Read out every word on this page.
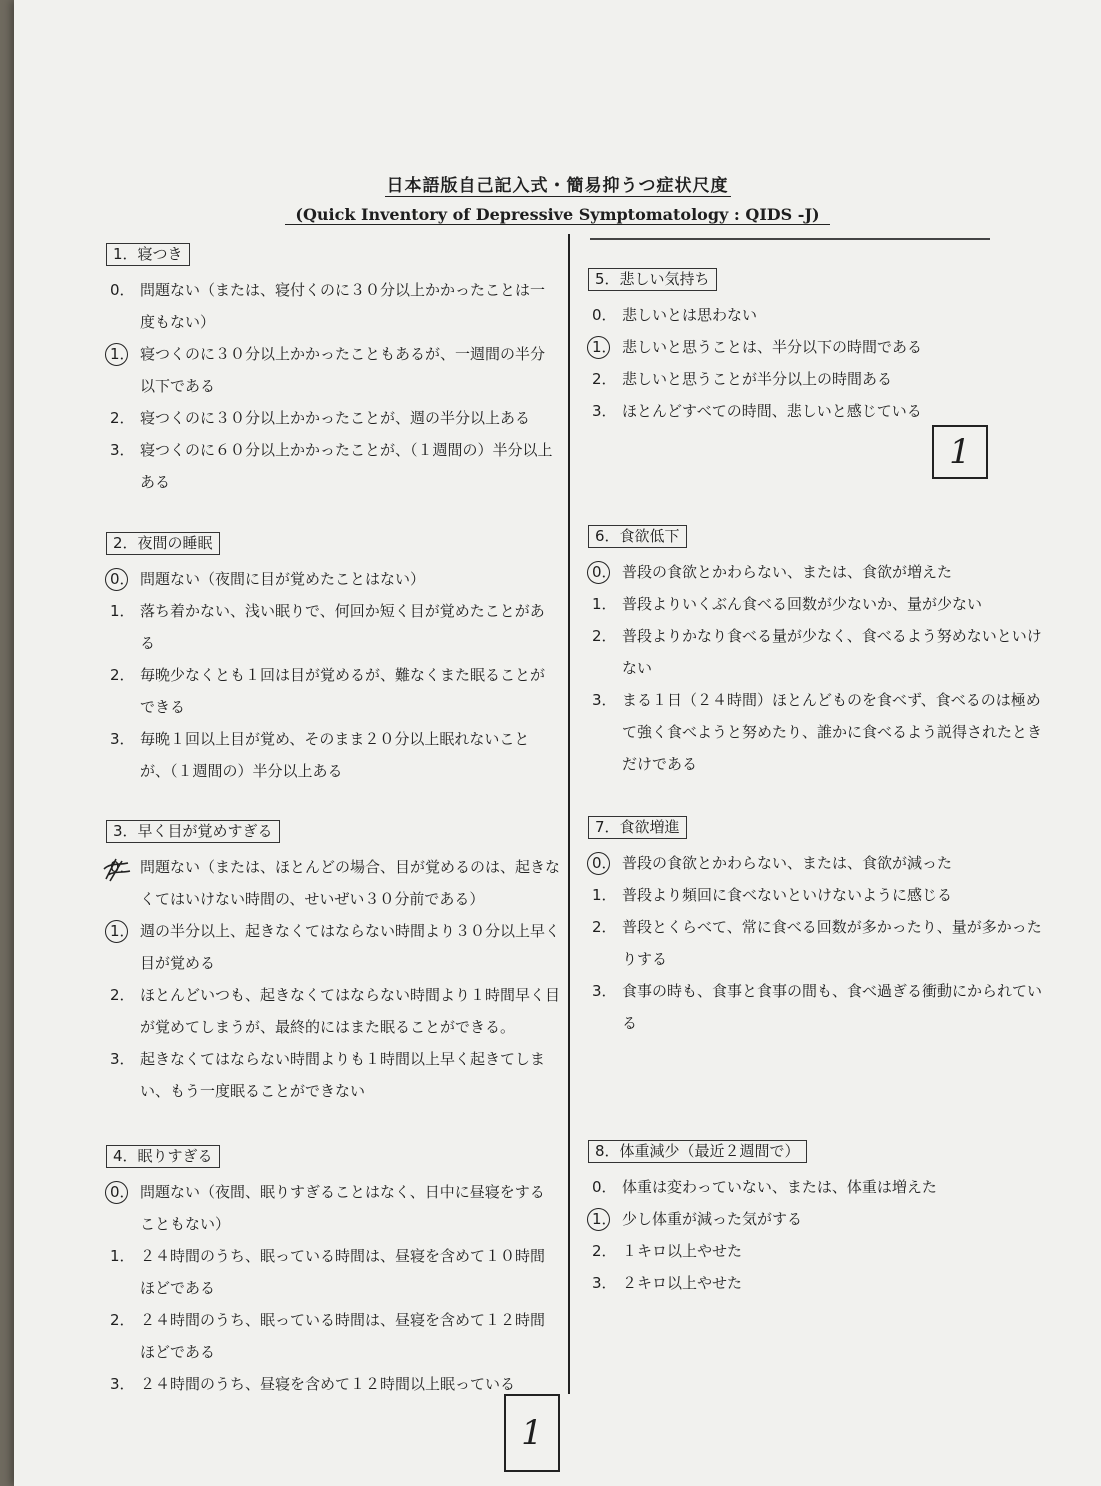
日本語版自己記入式・簡易抑うつ症状尺度
(Quick Inventory of Depressive Symptomatology : QIDS -J)
1．寝つき
0． 問題ない（または、寝付くのに３０分以上かかったことは一度もない）
1． 寝つくのに３０分以上かかったこともあるが、一週間の半分以下である
2． 寝つくのに３０分以上かかったことが、週の半分以上ある
3． 寝つくのに６０分以上かかったことが、（１週間の）半分以上ある
2．夜間の睡眠
0． 問題ない（夜間に目が覚めたことはない）
1． 落ち着かない、浅い眠りで、何回か短く目が覚めたことがある
2． 毎晩少なくとも１回は目が覚めるが、難なくまた眠ることができる
3． 毎晩１回以上目が覚め、そのまま２０分以上眠れないことが、（１週間の）半分以上ある
3．早く目が覚めすぎる
0． 問題ない（または、ほとんどの場合、目が覚めるのは、起きなくてはいけない時間の、せいぜい３０分前である）
1． 週の半分以上、起きなくてはならない時間より３０分以上早く目が覚める
2． ほとんどいつも、起きなくてはならない時間より１時間早く目が覚めてしまうが、最終的にはまた眠ることができる。
3． 起きなくてはならない時間よりも１時間以上早く起きてしまい、もう一度眠ることができない
4．眠りすぎる
0． 問題ない（夜間、眠りすぎることはなく、日中に昼寝をすることもない）
1． ２４時間のうち、眠っている時間は、昼寝を含めて１０時間ほどである
2． ２４時間のうち、眠っている時間は、昼寝を含めて１２時間ほどである
3． ２４時間のうち、昼寝を含めて１２時間以上眠っている
5．悲しい気持ち
0． 悲しいとは思わない
1． 悲しいと思うことは、半分以下の時間である
2． 悲しいと思うことが半分以上の時間ある
3． ほとんどすべての時間、悲しいと感じている
6．食欲低下
0． 普段の食欲とかわらない、または、食欲が増えた
1． 普段よりいくぶん食べる回数が少ないか、量が少ない
2． 普段よりかなり食べる量が少なく、食べるよう努めないといけない
3． まる１日（２４時間）ほとんどものを食べず、食べるのは極めて強く食べようと努めたり、誰かに食べるよう説得されたときだけである
7．食欲増進
0． 普段の食欲とかわらない、または、食欲が減った
1． 普段より頻回に食べないといけないように感じる
2． 普段とくらべて、常に食べる回数が多かったり、量が多かったりする
3． 食事の時も、食事と食事の間も、食べ過ぎる衝動にかられている
8．体重減少（最近２週間で）
0． 体重は変わっていない、または、体重は増えた
1． 少し体重が減った気がする
2． １キロ以上やせた
3． ２キロ以上やせた
1
1
